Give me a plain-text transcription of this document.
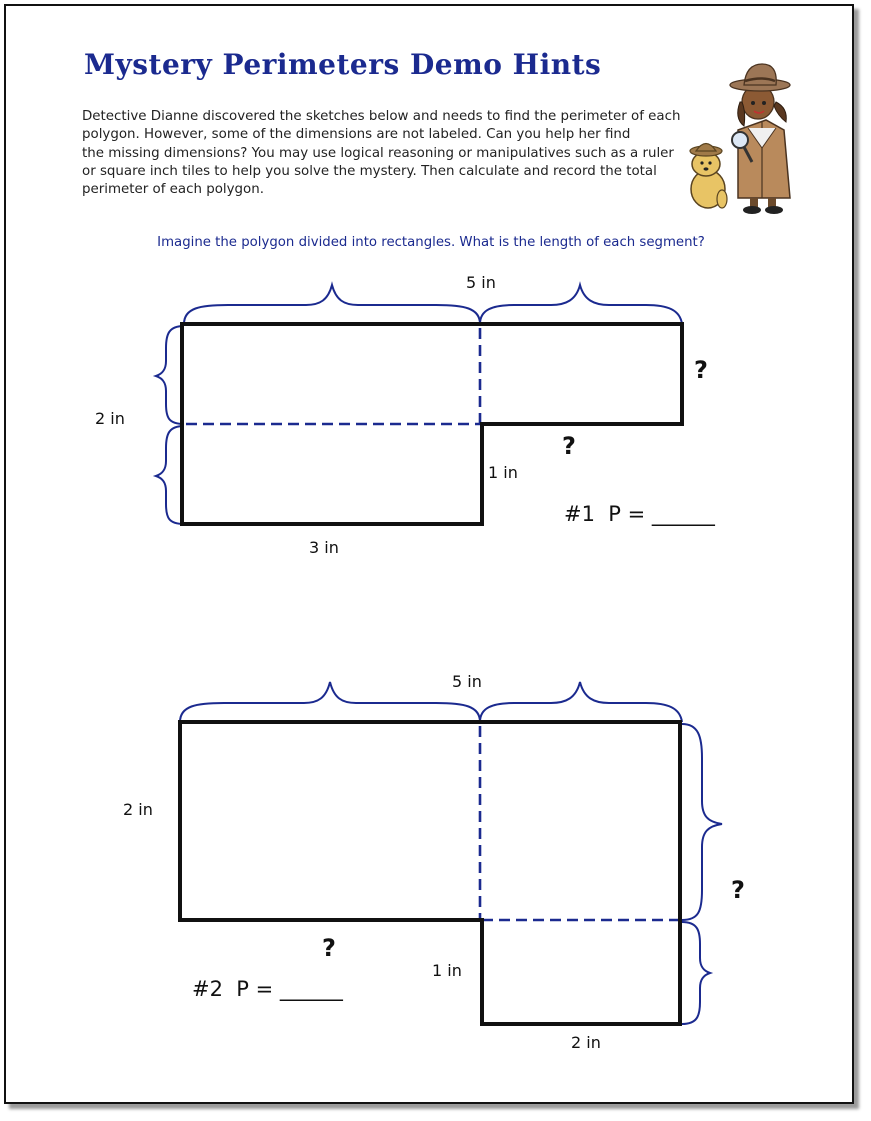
Mystery Perimeters Demo Hints

Detective Dianne discovered the sketches below and needs to find the perimeter of each
polygon. However, some of the dimensions are not labeled. Can you help her find
the missing dimensions? You may use logical reasoning or manipulatives such as a ruler
or square inch tiles to help you solve the mystery. Then calculate and record the total
perimeter of each polygon.

Imagine the polygon divided into rectangles. What is the length of each segment?

5 in
?
?
2 in
1 in
3 in
#1  P = ______
5 in
2 in
?
?
1 in
2 in
#2  P = ______
